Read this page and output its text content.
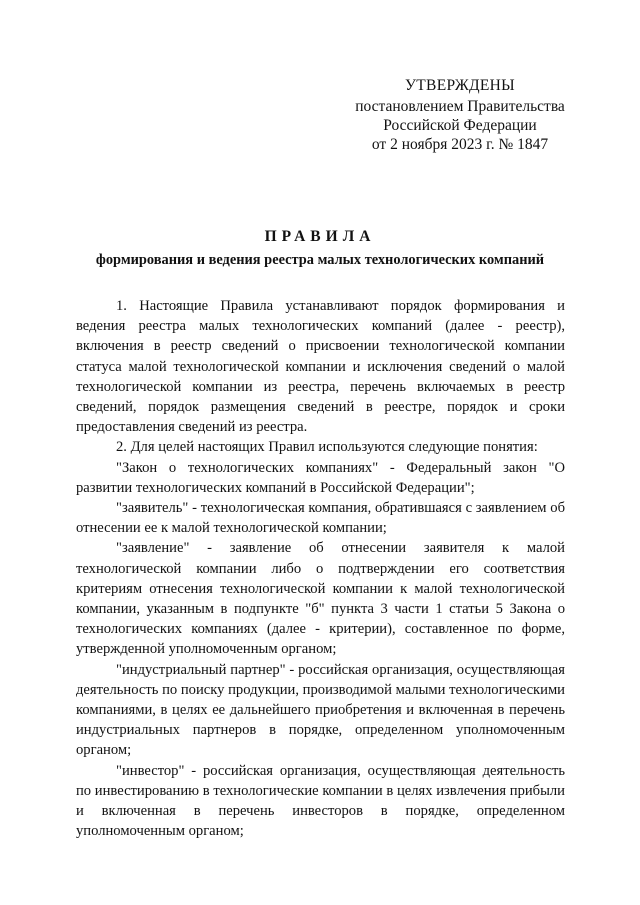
УТВЕРЖДЕНЫ
постановлением Правительства
Российской Федерации
от 2 ноября 2023 г. № 1847
ПРАВИЛА
формирования и ведения реестра малых технологических компаний

1. Настоящие Правила устанавливают порядок формирования и ведения реестра малых технологических компаний (далее - реестр), включения в реестр сведений о присвоении технологической компании статуса малой технологической компании и исключения сведений о малой технологической компании из реестра, перечень включаемых в реестр сведений, порядок размещения сведений в реестре, порядок и сроки предоставления сведений из реестра.

2. Для целей настоящих Правил используются следующие понятия:

"Закон о технологических компаниях" - Федеральный закон "О развитии технологических компаний в Российской Федерации";

"заявитель" - технологическая компания, обратившаяся с заявлением об отнесении ее к малой технологической компании;

"заявление" - заявление об отнесении заявителя к малой технологической компании либо о подтверждении его соответствия критериям отнесения технологической компании к малой технологической компании, указанным в подпункте "б" пункта 3 части 1 статьи 5 Закона о технологических компаниях (далее - критерии), составленное по форме, утвержденной уполномоченным органом;

"индустриальный партнер" - российская организация, осуществляющая деятельность по поиску продукции, производимой малыми технологическими компаниями, в целях ее дальнейшего приобретения и включенная в перечень индустриальных партнеров в порядке, определенном уполномоченным органом;

"инвестор" - российская организация, осуществляющая деятельность по инвестированию в технологические компании в целях извлечения прибыли и включенная в перечень инвесторов в порядке, определенном уполномоченным органом;
